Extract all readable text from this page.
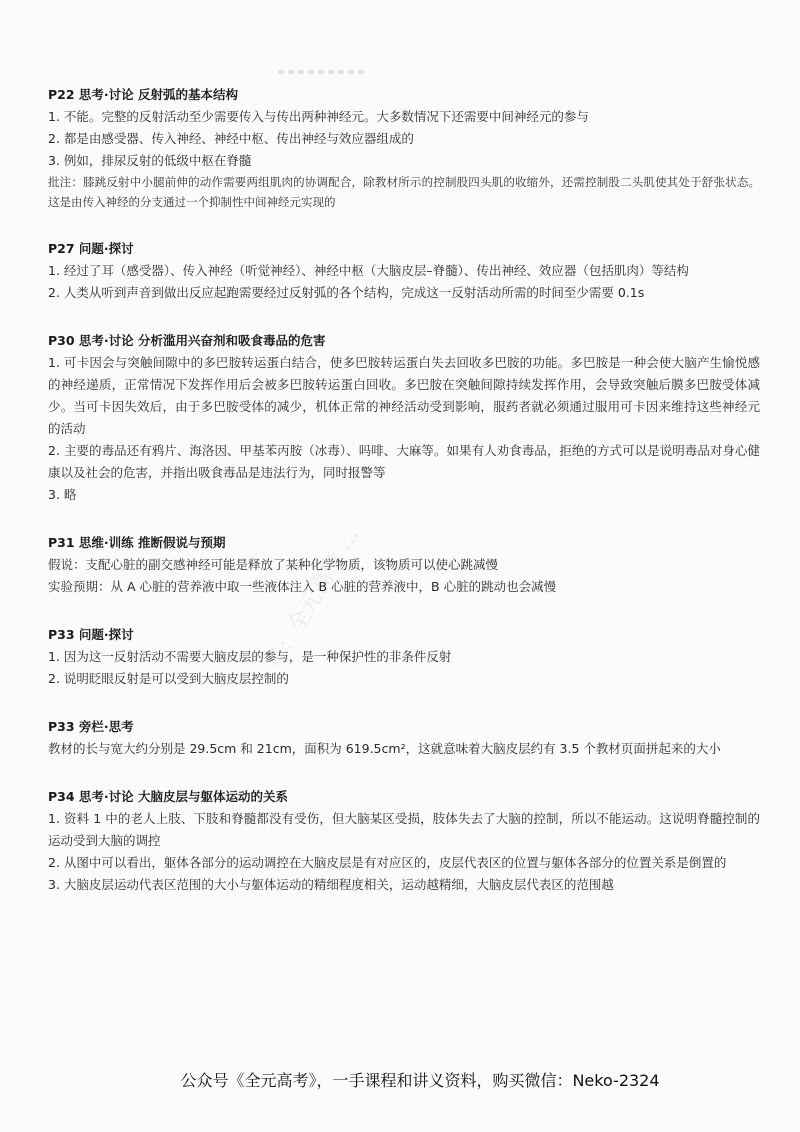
号：全元高考 ...

P22 思考·讨论 反射弧的基本结构

1. 不能。完整的反射活动至少需要传入与传出两种神经元。大多数情况下还需要中间神经元的参与

2. 都是由感受器、传入神经、神经中枢、传出神经与效应器组成的

3. 例如，排尿反射的低级中枢在脊髓

批注：膝跳反射中小腿前伸的动作需要两组肌肉的协调配合，除教材所示的控制股四头肌的收缩外，还需控制股二头肌使其处于舒张状态。这是由传入神经的分支通过一个抑制性中间神经元实现的

P27 问题·探讨

1. 经过了耳（感受器）、传入神经（听觉神经）、神经中枢（大脑皮层–脊髓）、传出神经、效应器（包括肌肉）等结构

2. 人类从听到声音到做出反应起跑需要经过反射弧的各个结构，完成这一反射活动所需的时间至少需要 0.1s

P30 思考·讨论 分析滥用兴奋剂和吸食毒品的危害

1. 可卡因会与突触间隙中的多巴胺转运蛋白结合，使多巴胺转运蛋白失去回收多巴胺的功能。多巴胺是一种会使大脑产生愉悦感的神经递质，正常情况下发挥作用后会被多巴胺转运蛋白回收。多巴胺在突触间隙持续发挥作用，会导致突触后膜多巴胺受体减少。当可卡因失效后，由于多巴胺受体的减少，机体正常的神经活动受到影响，服药者就必须通过服用可卡因来维持这些神经元的活动

2. 主要的毒品还有鸦片、海洛因、甲基苯丙胺（冰毒）、吗啡、大麻等。如果有人劝食毒品，拒绝的方式可以是说明毒品对身心健康以及社会的危害，并指出吸食毒品是违法行为，同时报警等

3. 略

P31 思维·训练 推断假说与预期

假说：支配心脏的副交感神经可能是释放了某种化学物质，该物质可以使心跳减慢

实验预期：从 A 心脏的营养液中取一些液体注入 B 心脏的营养液中，B 心脏的跳动也会减慢

P33 问题·探讨

1. 因为这一反射活动不需要大脑皮层的参与，是一种保护性的非条件反射

2. 说明眨眼反射是可以受到大脑皮层控制的

P33 旁栏·思考

教材的长与宽大约分别是 29.5cm 和 21cm，面积为 619.5cm²，这就意味着大脑皮层约有 3.5 个教材页面拼起来的大小

P34 思考·讨论 大脑皮层与躯体运动的关系

1. 资料 1 中的老人上肢、下肢和脊髓都没有受伤，但大脑某区受损，肢体失去了大脑的控制，所以不能运动。这说明脊髓控制的运动受到大脑的调控

2. 从图中可以看出，躯体各部分的运动调控在大脑皮层是有对应区的，皮层代表区的位置与躯体各部分的位置关系是倒置的

3. 大脑皮层运动代表区范围的大小与躯体运动的精细程度相关，运动越精细，大脑皮层代表区的范围越

公众号《全元高考》，一手课程和讲义资料，购买微信：Neko-2324
